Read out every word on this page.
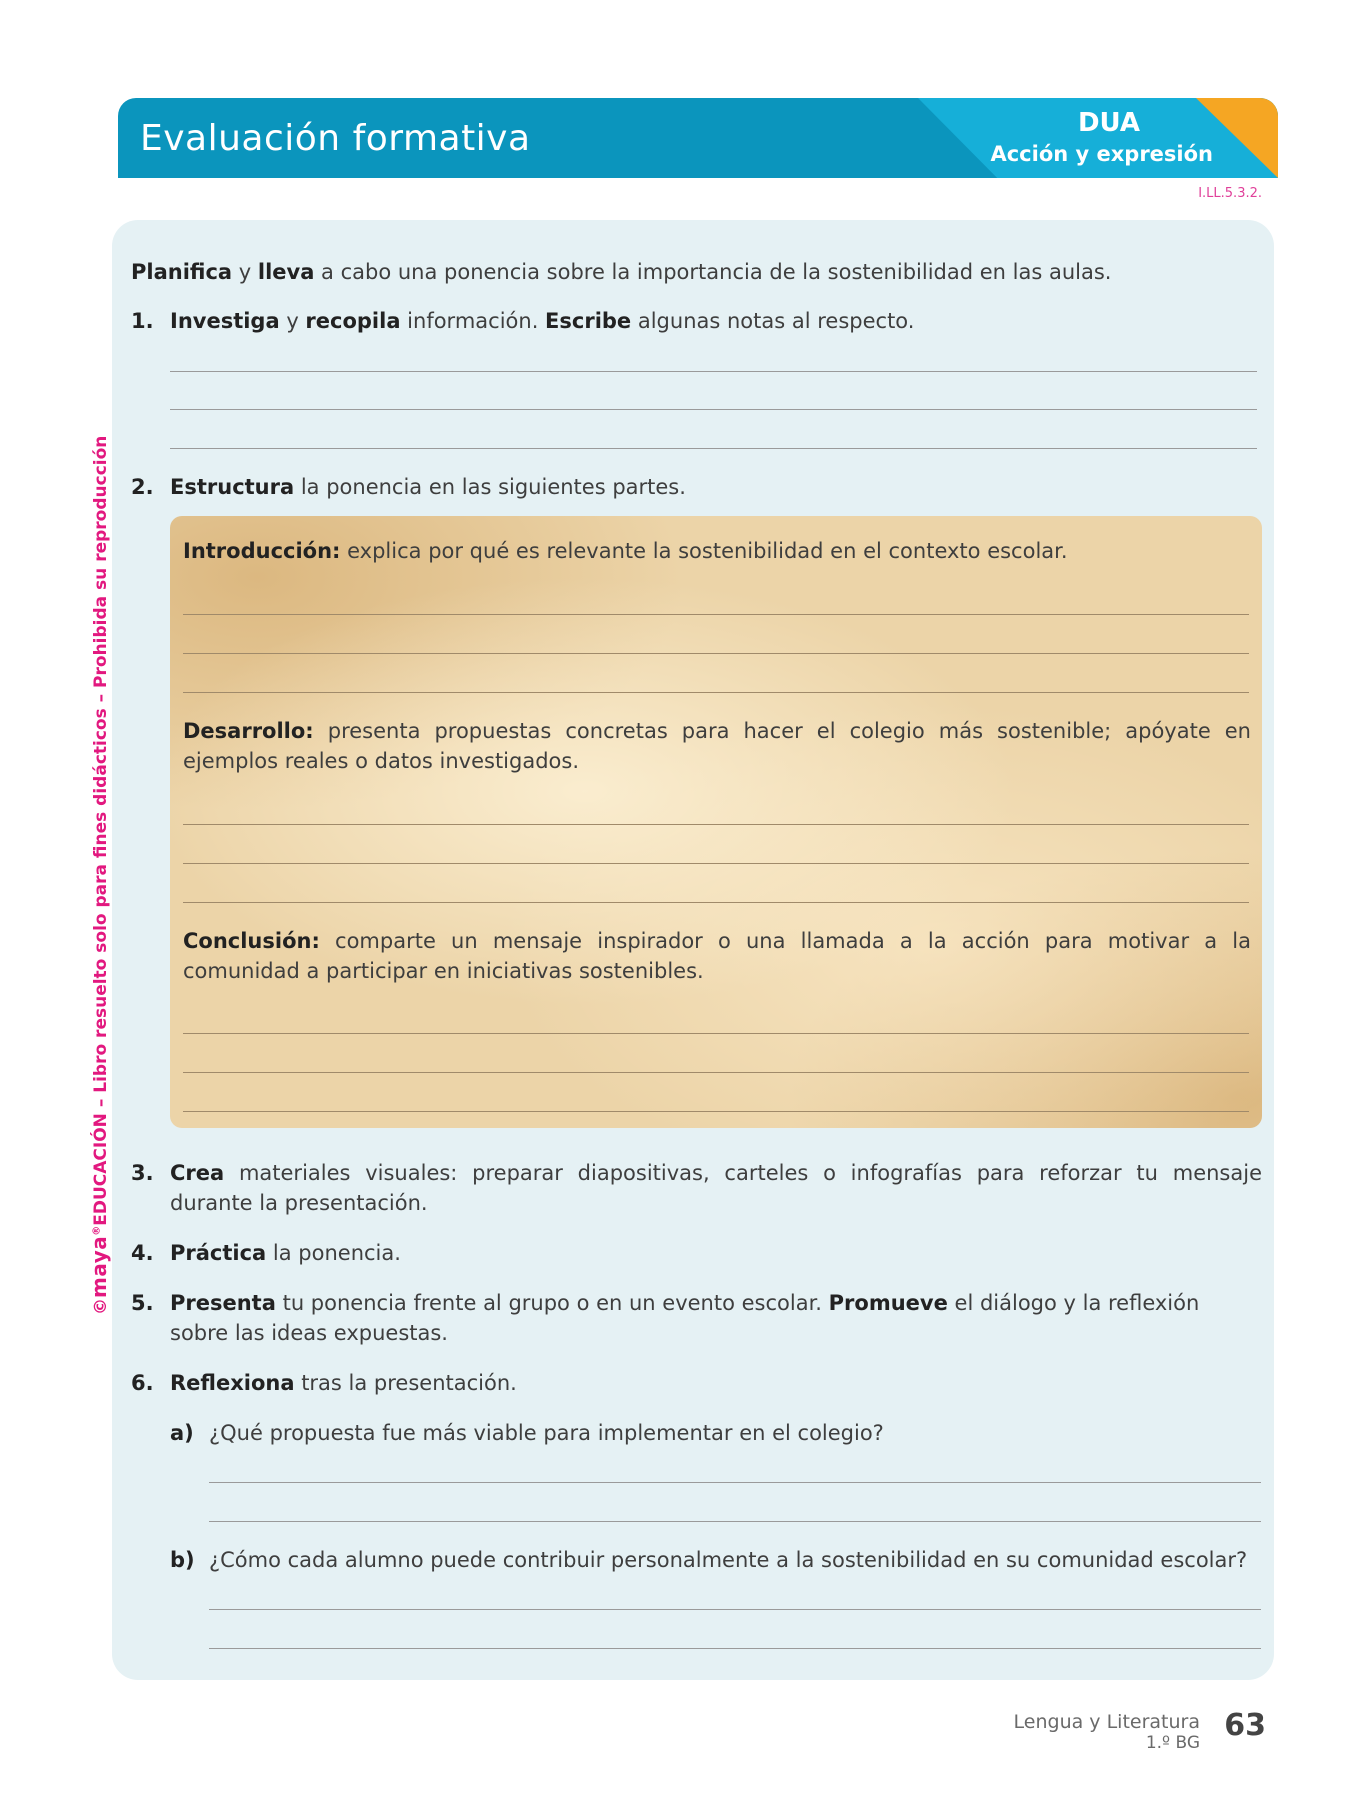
Evaluación formativa	DUA
Acción y expresión
I.LL.5.3.2.
©maya®EDUCACIÓN – Libro resuelto solo para fines didácticos – Prohibida su reproducción
Planifica y lleva a cabo una ponencia sobre la importancia de la sostenibilidad en las aulas.
1. Investiga y recopila información. Escribe algunas notas al respecto.
2. Estructura la ponencia en las siguientes partes.
Introducción: explica por qué es relevante la sostenibilidad en el contexto escolar.
Desarrollo: presenta propuestas concretas para hacer el colegio más sostenible; apóyate en ejemplos reales o datos investigados.
Conclusión: comparte un mensaje inspirador o una llamada a la acción para motivar a la comunidad a participar en iniciativas sostenibles.
3. Crea materiales visuales: preparar diapositivas, carteles o infografías para reforzar tu mensaje durante la presentación.
4. Práctica la ponencia.
5. Presenta tu ponencia frente al grupo o en un evento escolar. Promueve el diálogo y la reflexión sobre las ideas expuestas.
6. Reflexiona tras la presentación.
a) ¿Qué propuesta fue más viable para implementar en el colegio?
b) ¿Cómo cada alumno puede contribuir personalmente a la sostenibilidad en su comunidad escolar?
Lengua y Literatura
1.º BG 63
